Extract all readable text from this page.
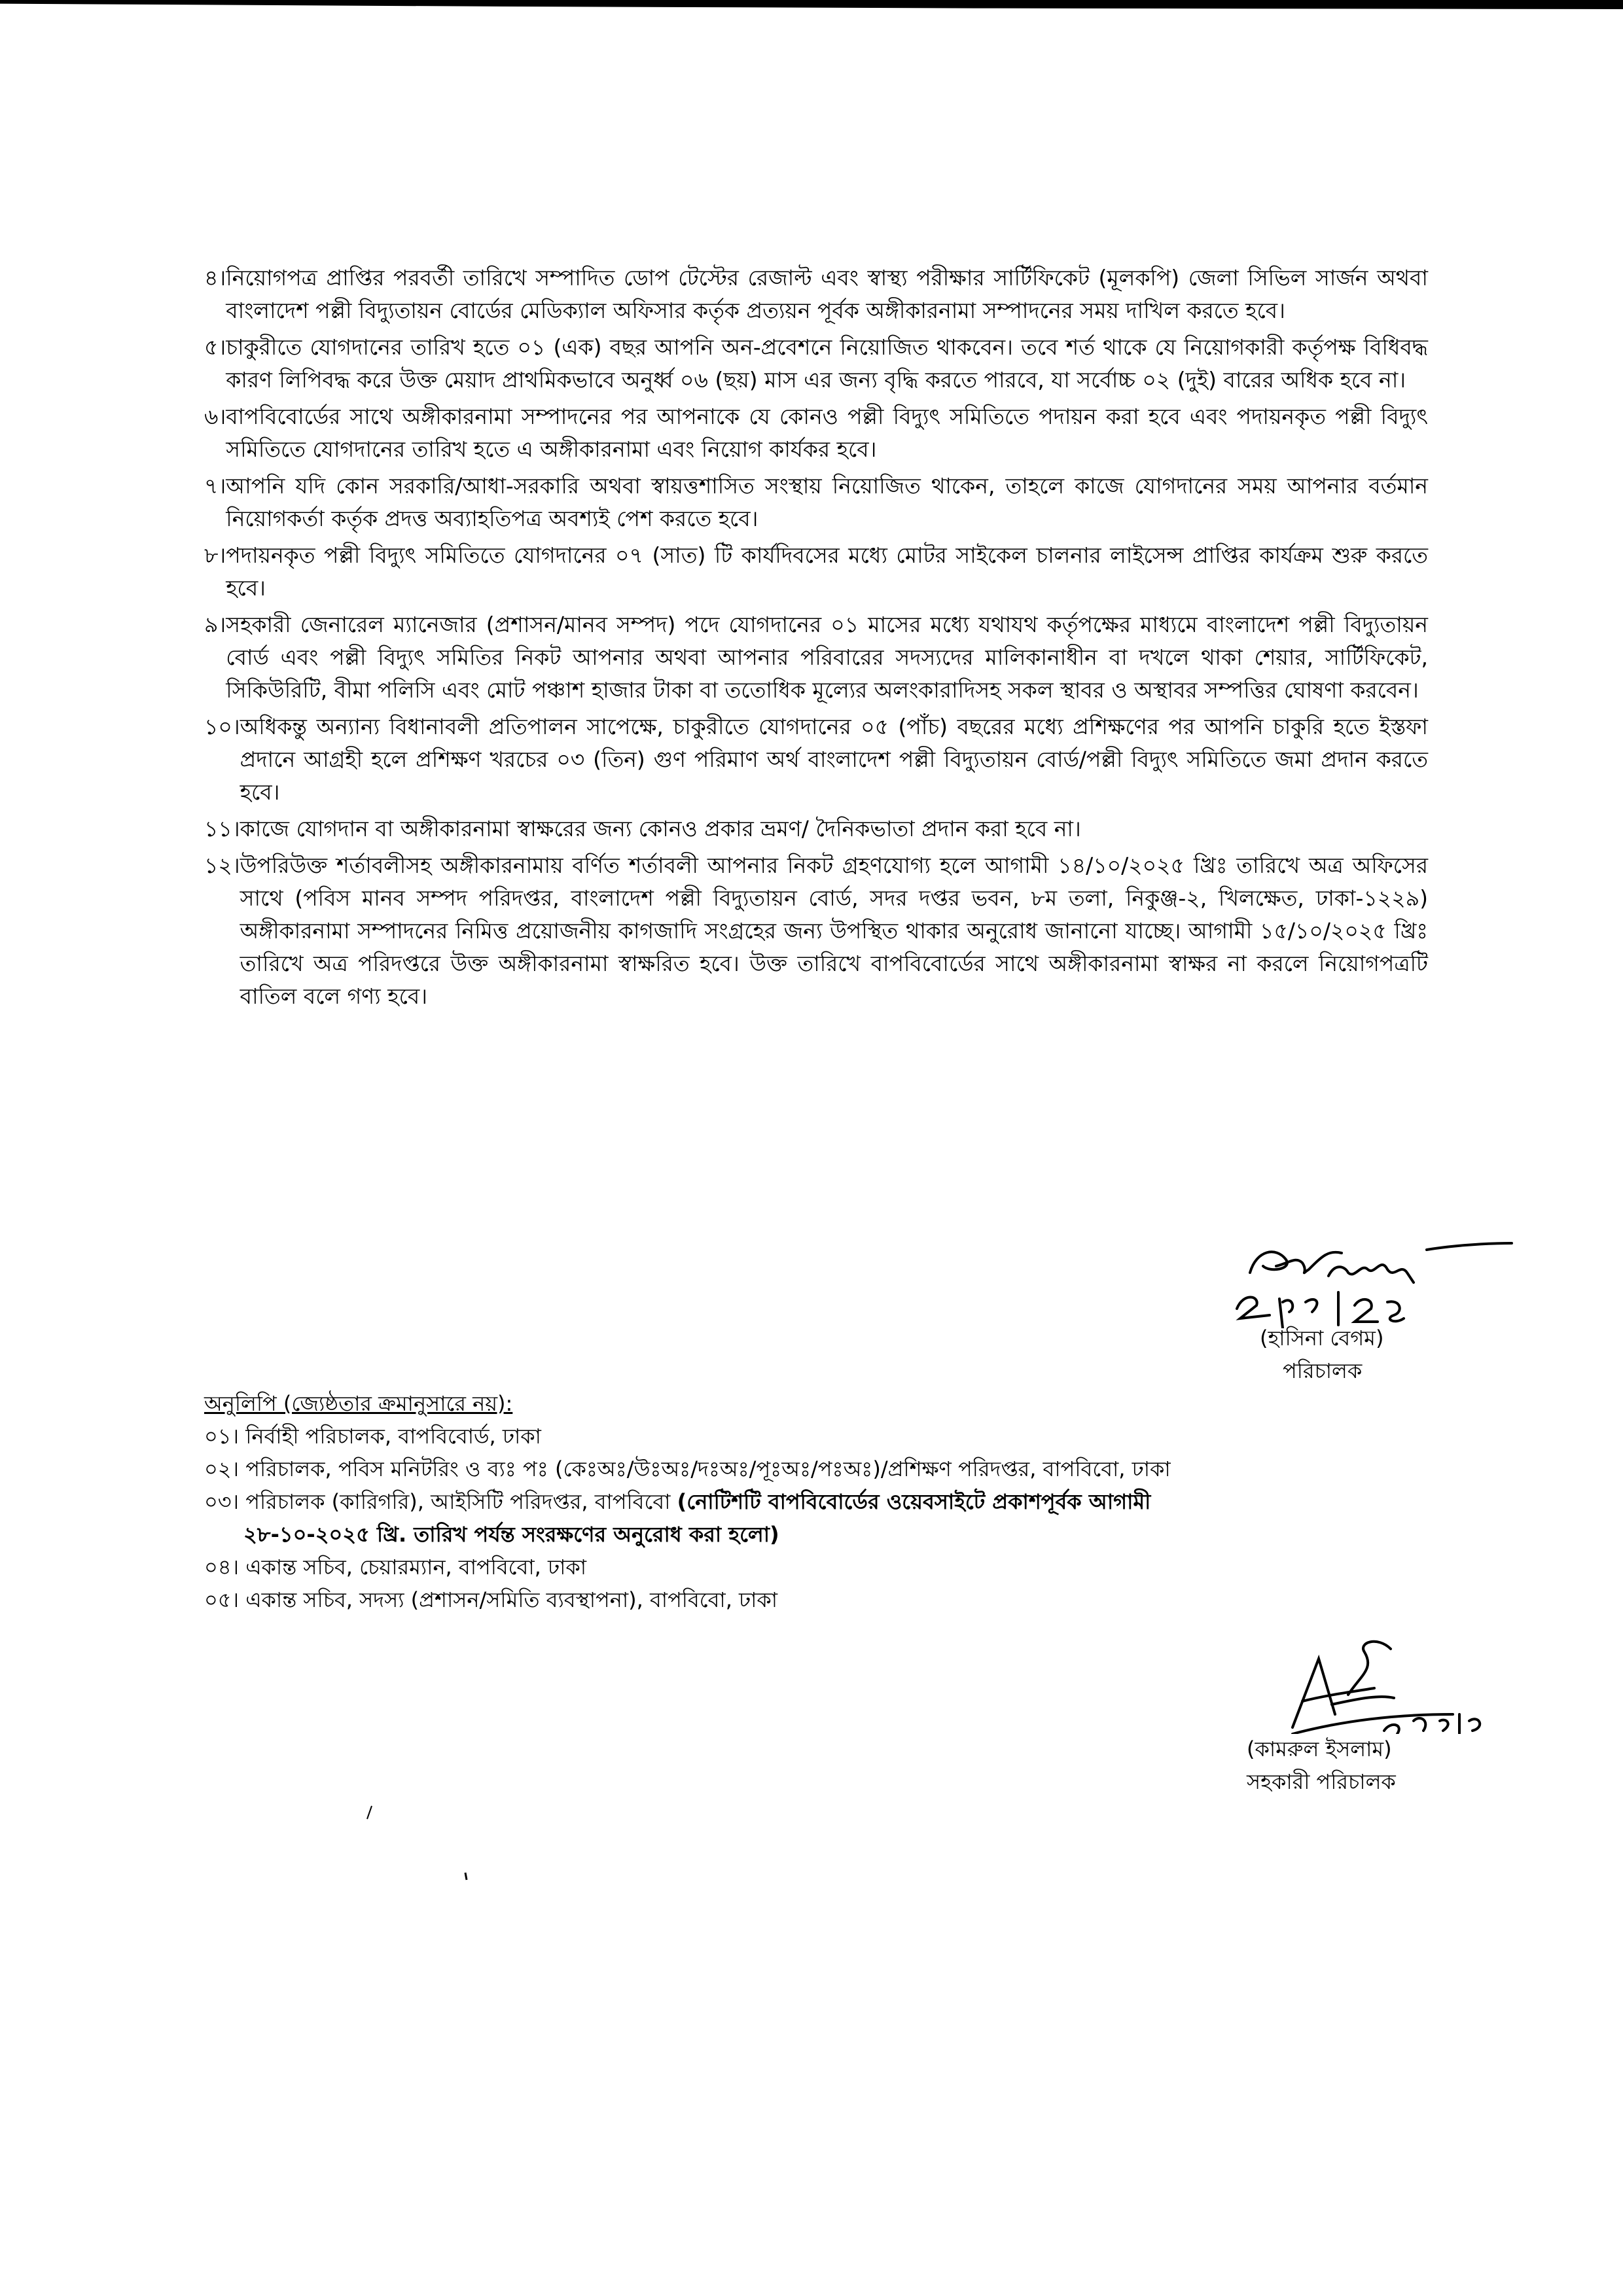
৪। নিয়োগপত্র প্রাপ্তির পরবর্তী তারিখে সম্পাদিত ডোপ টেস্টের রেজাল্ট এবং স্বাস্থ্য পরীক্ষার সার্টিফিকেট (মূলকপি) জেলা সিভিল সার্জন অথবা বাংলাদেশ পল্লী বিদ্যুতায়ন বোর্ডের মেডিক্যাল অফিসার কর্তৃক প্রত্যয়ন পূর্বক অঙ্গীকারনামা সম্পাদনের সময় দাখিল করতে হবে।
৫। চাকুরীতে যোগদানের তারিখ হতে ০১ (এক) বছর আপনি অন-প্রবেশনে নিয়োজিত থাকবেন। তবে শর্ত থাকে যে নিয়োগকারী কর্তৃপক্ষ বিধিবদ্ধ কারণ লিপিবদ্ধ করে উক্ত মেয়াদ প্রাথমিকভাবে অনুর্ধ্ব ০৬ (ছয়) মাস এর জন্য বৃদ্ধি করতে পারবে, যা সর্বোচ্চ ০২ (দুই) বারের অধিক হবে না।
৬। বাপবিবোর্ডের সাথে অঙ্গীকারনামা সম্পাদনের পর আপনাকে যে কোনও পল্লী বিদ্যুৎ সমিতিতে পদায়ন করা হবে এবং পদায়নকৃত পল্লী বিদ্যুৎ সমিতিতে যোগদানের তারিখ হতে এ অঙ্গীকারনামা এবং নিয়োগ কার্যকর হবে।
৭। আপনি যদি কোন সরকারি/আধা-সরকারি অথবা স্বায়ত্তশাসিত সংস্থায় নিয়োজিত থাকেন, তাহলে কাজে যোগদানের সময় আপনার বর্তমান নিয়োগকর্তা কর্তৃক প্রদত্ত অব্যাহতিপত্র অবশ্যই পেশ করতে হবে।
৮। পদায়নকৃত পল্লী বিদ্যুৎ সমিতিতে যোগদানের ০৭ (সাত) টি কার্যদিবসের মধ্যে মোটর সাইকেল চালনার লাইসেন্স প্রাপ্তির কার্যক্রম শুরু করতে হবে।
৯। সহকারী জেনারেল ম্যানেজার (প্রশাসন/মানব সম্পদ) পদে যোগদানের ০১ মাসের মধ্যে যথাযথ কর্তৃপক্ষের মাধ্যমে বাংলাদেশ পল্লী বিদ্যুতায়ন বোর্ড এবং পল্লী বিদ্যুৎ সমিতির নিকট আপনার অথবা আপনার পরিবারের সদস্যদের মালিকানাধীন বা দখলে থাকা শেয়ার, সার্টিফিকেট, সিকিউরিটি, বীমা পলিসি এবং মোট পঞ্চাশ হাজার টাকা বা ততোধিক মূল্যের অলংকারাদিসহ সকল স্থাবর ও অস্থাবর সম্পত্তির ঘোষণা করবেন।
১০। অধিকন্তু অন্যান্য বিধানাবলী প্রতিপালন সাপেক্ষে, চাকুরীতে যোগদানের ০৫ (পাঁচ) বছরের মধ্যে প্রশিক্ষণের পর আপনি চাকুরি হতে ইস্তফা প্রদানে আগ্রহী হলে প্রশিক্ষণ খরচের ০৩ (তিন) গুণ পরিমাণ অর্থ বাংলাদেশ পল্লী বিদ্যুতায়ন বোর্ড/পল্লী বিদ্যুৎ সমিতিতে জমা প্রদান করতে হবে।
১১। কাজে যোগদান বা অঙ্গীকারনামা স্বাক্ষরের জন্য কোনও প্রকার ভ্রমণ/ দৈনিকভাতা প্রদান করা হবে না।
১২। উপরিউক্ত শর্তাবলীসহ অঙ্গীকারনামায় বর্ণিত শর্তাবলী আপনার নিকট গ্রহণযোগ্য হলে আগামী ১৪/১০/২০২৫ খ্রিঃ তারিখে অত্র অফিসের সাথে (পবিস মানব সম্পদ পরিদপ্তর, বাংলাদেশ পল্লী বিদ্যুতায়ন বোর্ড, সদর দপ্তর ভবন, ৮ম তলা, নিকুঞ্জ-২, খিলক্ষেত, ঢাকা-১২২৯) অঙ্গীকারনামা সম্পাদনের নিমিত্ত প্রয়োজনীয় কাগজাদি সংগ্রহের জন্য উপস্থিত থাকার অনুরোধ জানানো যাচ্ছে। আগামী ১৫/১০/২০২৫ খ্রিঃ তারিখে অত্র পরিদপ্তরে উক্ত অঙ্গীকারনামা স্বাক্ষরিত হবে। উক্ত তারিখে বাপবিবোর্ডের সাথে অঙ্গীকারনামা স্বাক্ষর না করলে নিয়োগপত্রটি বাতিল বলে গণ্য হবে।
(হাসিনা বেগম)
পরিচালক
অনুলিপি (জ্যেষ্ঠতার ক্রমানুসারে নয়):
০১। নির্বাহী পরিচালক, বাপবিবোর্ড, ঢাকা
০২। পরিচালক, পবিস মনিটরিং ও ব্যঃ পঃ (কেঃঅঃ/উঃঅঃ/দঃঅঃ/পূঃঅঃ/পঃঅঃ)/প্রশিক্ষণ পরিদপ্তর, বাপবিবো, ঢাকা
০৩। পরিচালক (কারিগরি), আইসিটি পরিদপ্তর, বাপবিবো (নোটিশটি বাপবিবোর্ডের ওয়েবসাইটে প্রকাশপূর্বক আগামী
২৮-১০-২০২৫ খ্রি. তারিখ পর্যন্ত সংরক্ষণের অনুরোধ করা হলো)
০৪। একান্ত সচিব, চেয়ারম্যান, বাপবিবো, ঢাকা
০৫। একান্ত সচিব, সদস্য (প্রশাসন/সমিতি ব্যবস্থাপনা), বাপবিবো, ঢাকা
(কামরুল ইসলাম)
সহকারী পরিচালক
